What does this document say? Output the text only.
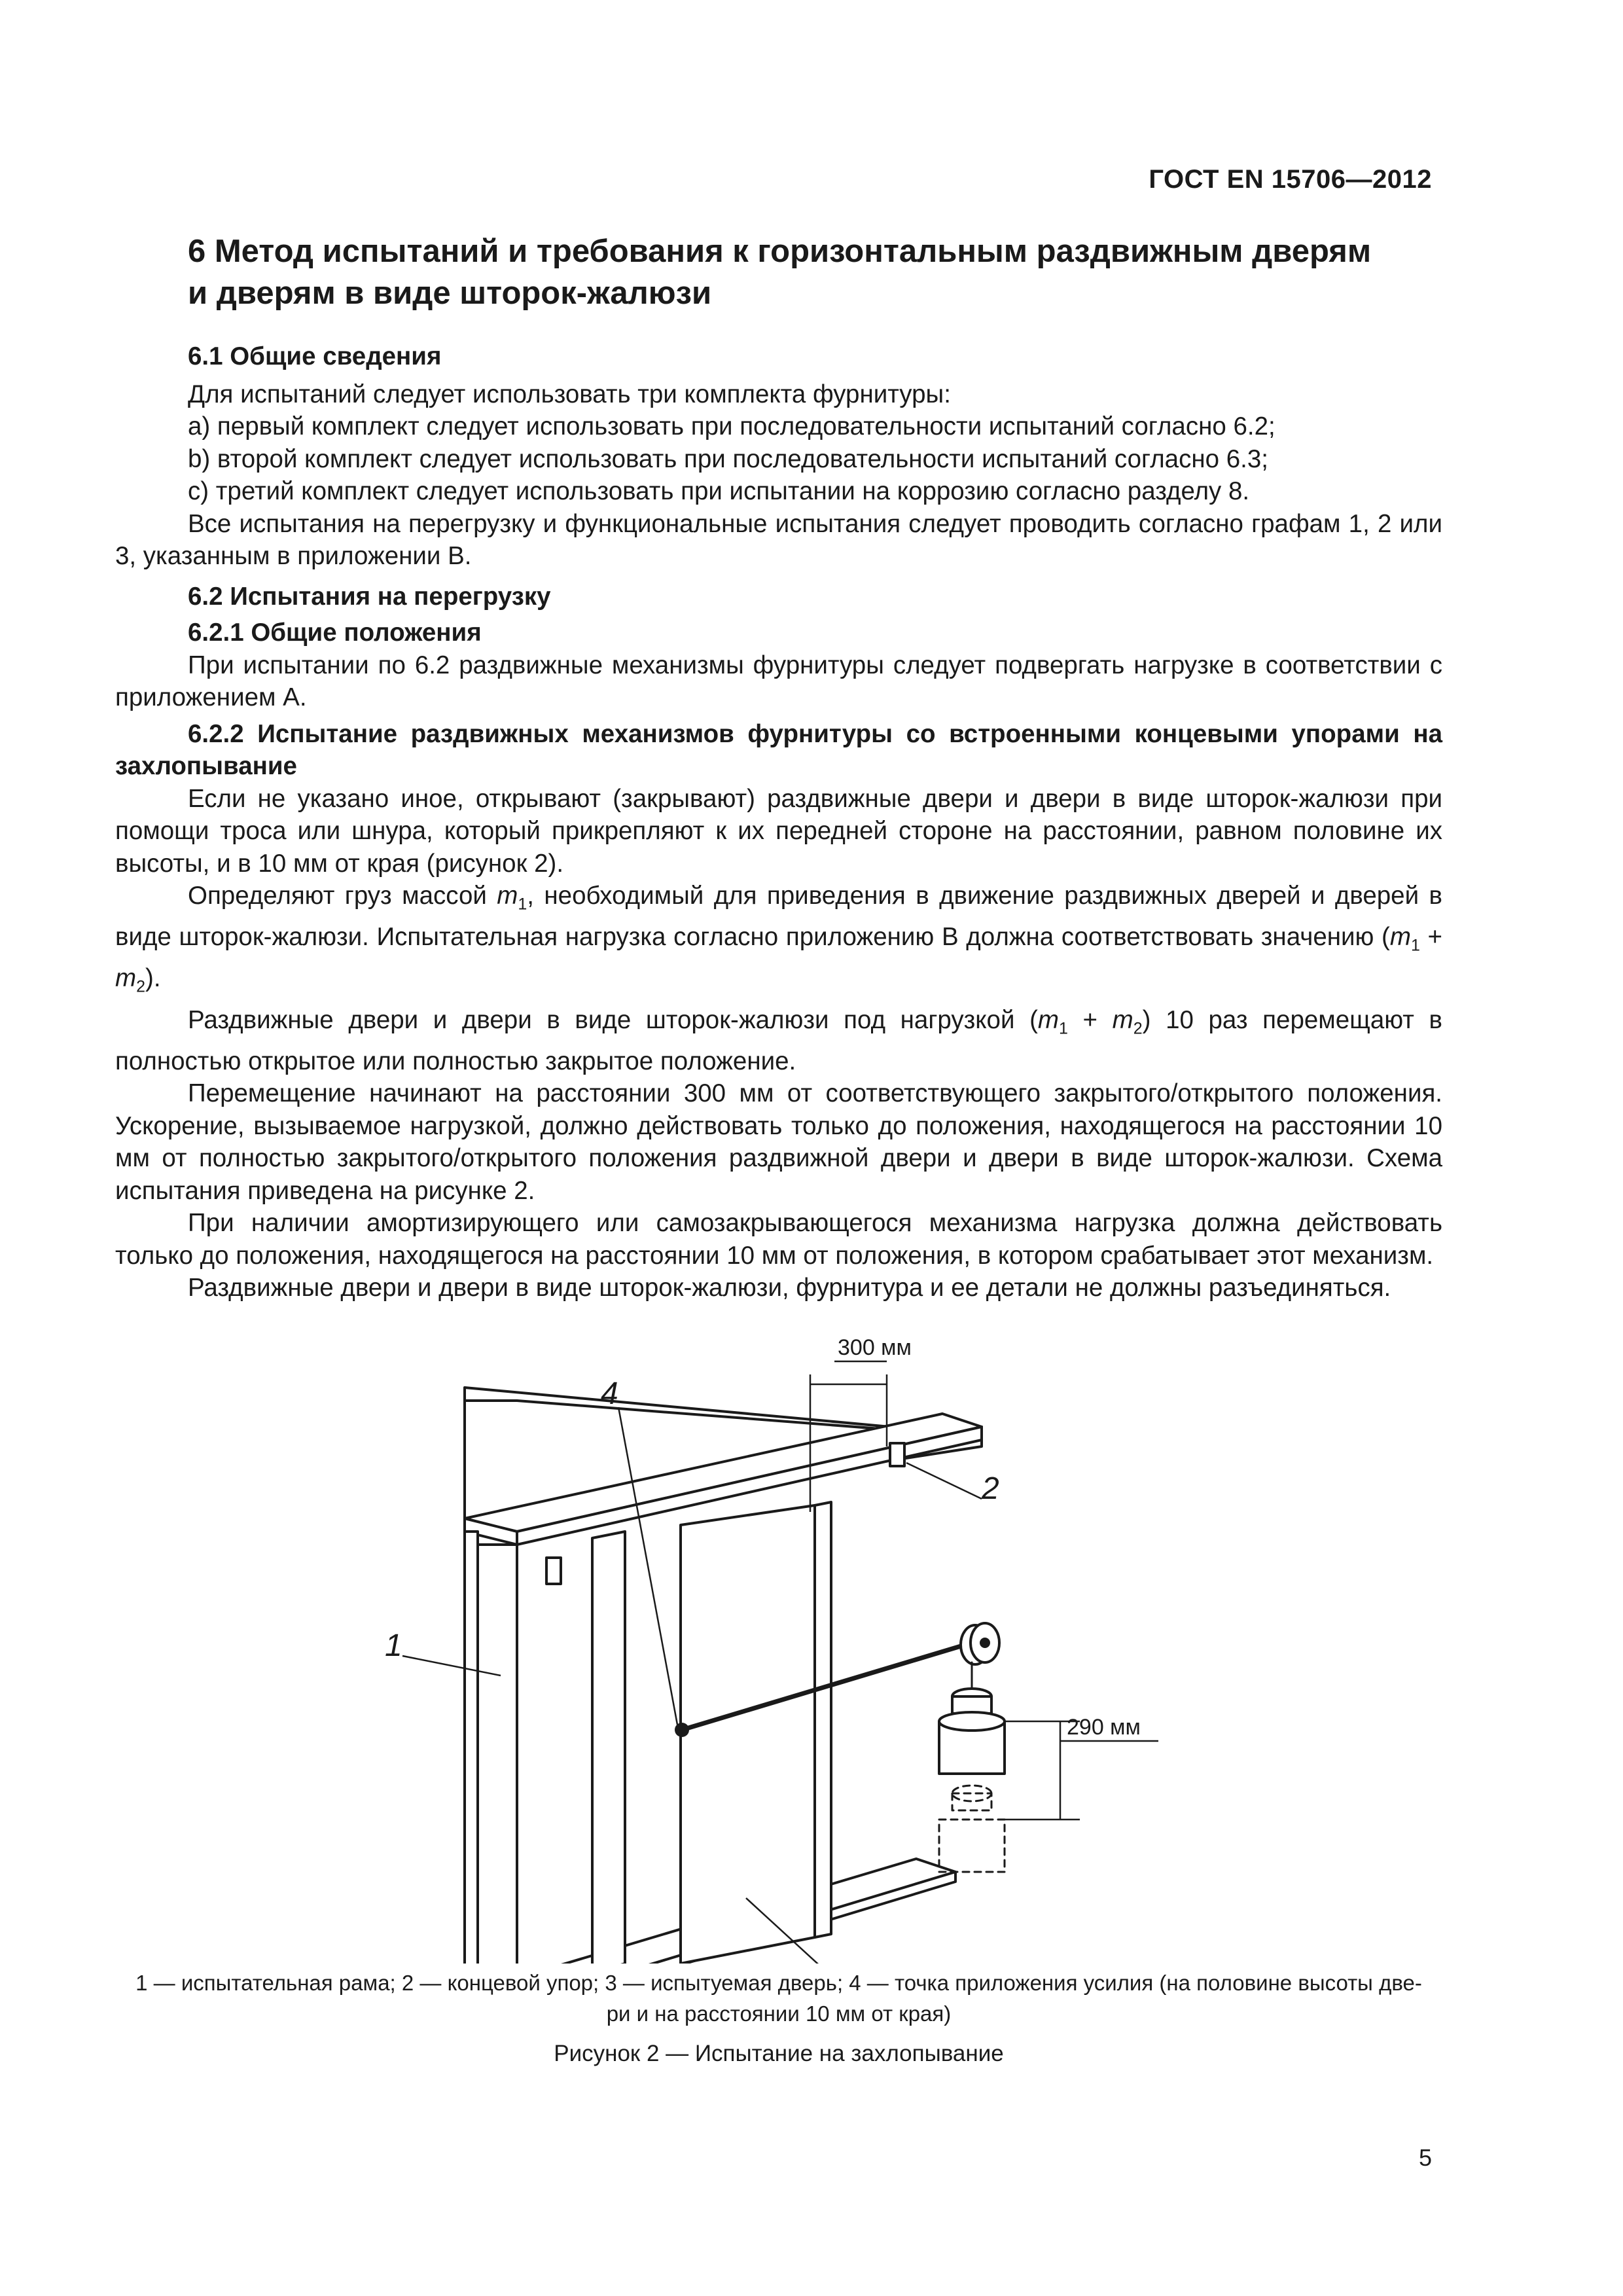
ГОСТ EN 15706—2012
6 Метод испытаний и требования к горизонтальным раздвижным дверям
и дверям в виде шторок-жалюзи

6.1 Общие сведения

Для испытаний следует использовать три комплекта фурнитуры:

а) первый комплект следует использовать при последовательности испытаний согласно 6.2;

b) второй комплект следует использовать при последовательности испытаний согласно 6.3;

с) третий комплект следует использовать при испытании на коррозию согласно разделу 8.

Все испытания на перегрузку и функциональные испытания следует проводить согласно графам 1, 2 или 3, указанным в приложении В.

6.2 Испытания на перегрузку

6.2.1 Общие положения

При испытании по 6.2 раздвижные механизмы фурнитуры следует подвергать нагрузке в соответствии с приложением А.

6.2.2 Испытание раздвижных механизмов фурнитуры со встроенными концевыми упорами на захлопывание

Если не указано иное, открывают (закрывают) раздвижные двери и двери в виде шторок-жалюзи при помощи троса или шнура, который прикрепляют к их передней стороне на расстоянии, равном половине их высоты, и в 10 мм от края (рисунок 2).

Определяют груз массой $m_1$, необходимый для приведения в движение раздвижных дверей и дверей в виде шторок-жалюзи. Испытательная нагрузка согласно приложению В должна соответствовать значению $(m_1 + m_2)$.

Раздвижные двери и двери в виде шторок-жалюзи под нагрузкой $(m_1 + m_2)$ 10 раз перемещают в полностью открытое или полностью закрытое положение.

Перемещение начинают на расстоянии 300 мм от соответствующего закрытого/открытого положения. Ускорение, вызываемое нагрузкой, должно действовать только до положения, находящегося на расстоянии 10 мм от полностью закрытого/открытого положения раздвижной двери и двери в виде шторок-жалюзи. Схема испытания приведена на рисунке 2.

При наличии амортизирующего или самозакрывающегося механизма нагрузка должна действовать только до положения, находящегося на расстоянии 10 мм от положения, в котором срабатывает этот механизм.

Раздвижные двери и двери в виде шторок-жалюзи, фурнитура и ее детали не должны разъединяться.

300 мм
290 мм
4
1
2
1 — испытательная рама; 2 — концевой упор; 3 — испытуемая дверь; 4 — точка приложения усилия (на половине высоты две-
ри и на расстоянии 10 мм от края)
Рисунок 2 — Испытание на захлопывание
5
